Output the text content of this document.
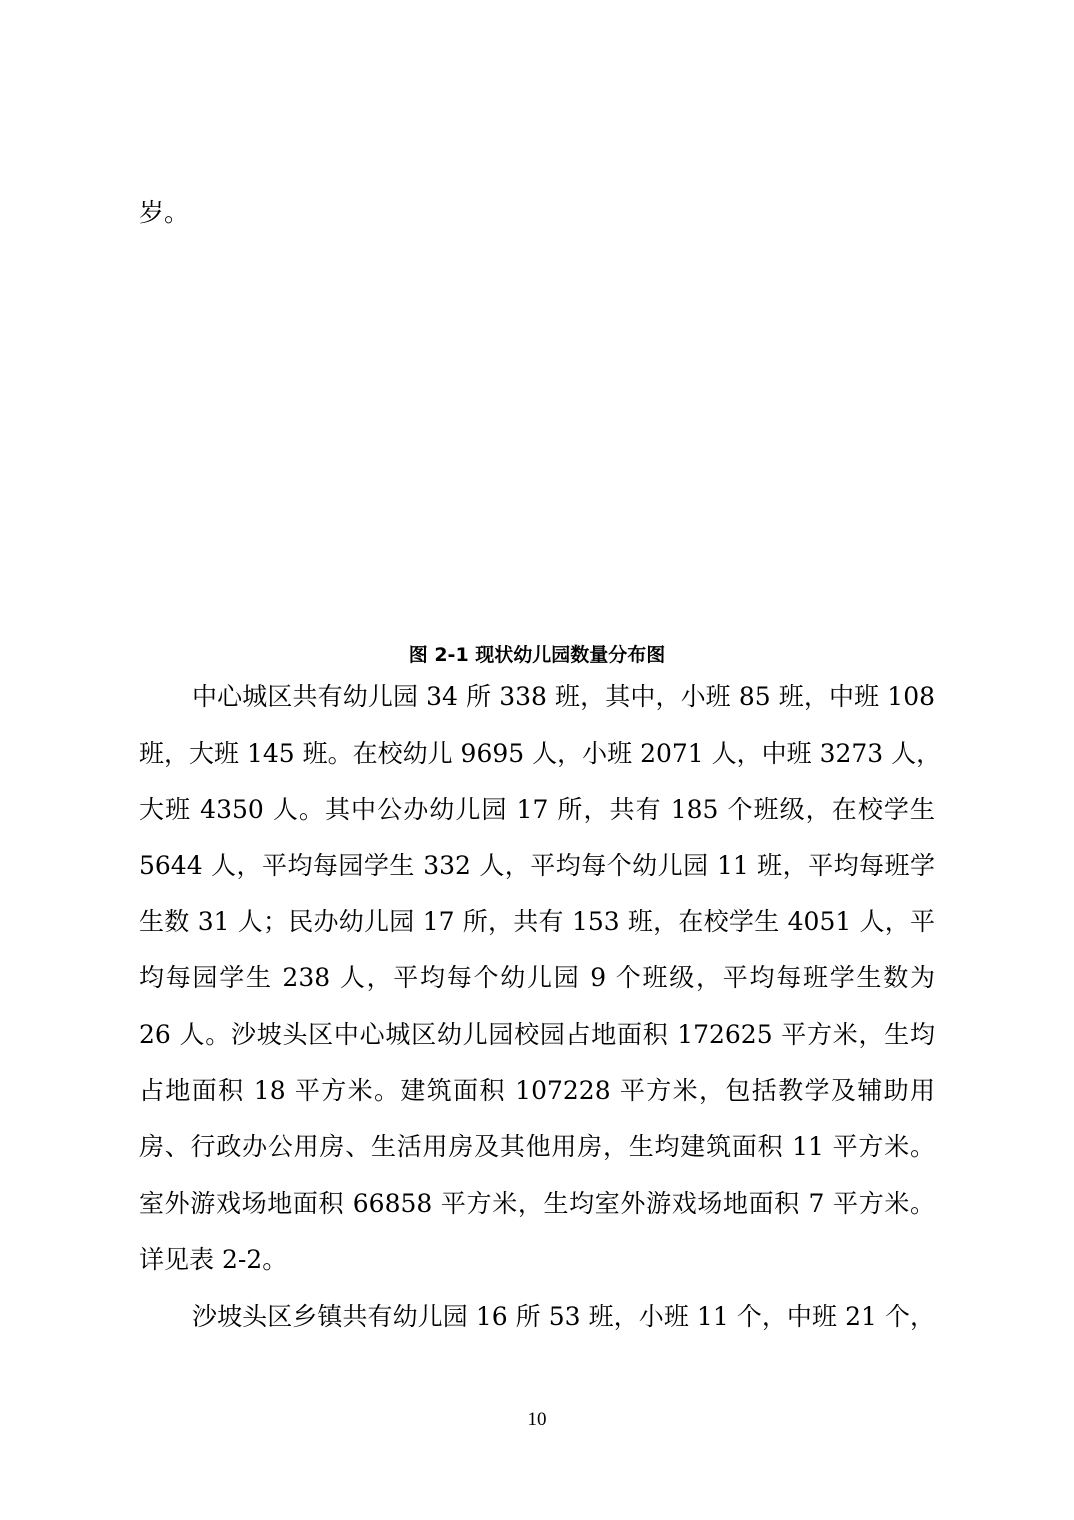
岁。
图 2-1 现状幼儿园数量分布图
中心城区共有幼儿园 34 所 338 班，其中，小班 85 班，中班 108
班，大班 145 班。在校幼儿 9695 人，小班 2071 人，中班 3273 人，
大班 4350 人。其中公办幼儿园 17 所，共有 185 个班级，在校学生
5644 人，平均每园学生 332 人，平均每个幼儿园 11 班，平均每班学
生数 31 人；民办幼儿园 17 所，共有 153 班，在校学生 4051 人，平
均每园学生 238 人，平均每个幼儿园 9 个班级，平均每班学生数为
26 人。沙坡头区中心城区幼儿园校园占地面积 172625 平方米，生均
占地面积 18 平方米。建筑面积 107228 平方米，包括教学及辅助用
房、行政办公用房、生活用房及其他用房，生均建筑面积 11 平方米。
室外游戏场地面积 66858 平方米，生均室外游戏场地面积 7 平方米。
详见表 2-2。
沙坡头区乡镇共有幼儿园 16 所 53 班，小班 11 个，中班 21 个，
10
